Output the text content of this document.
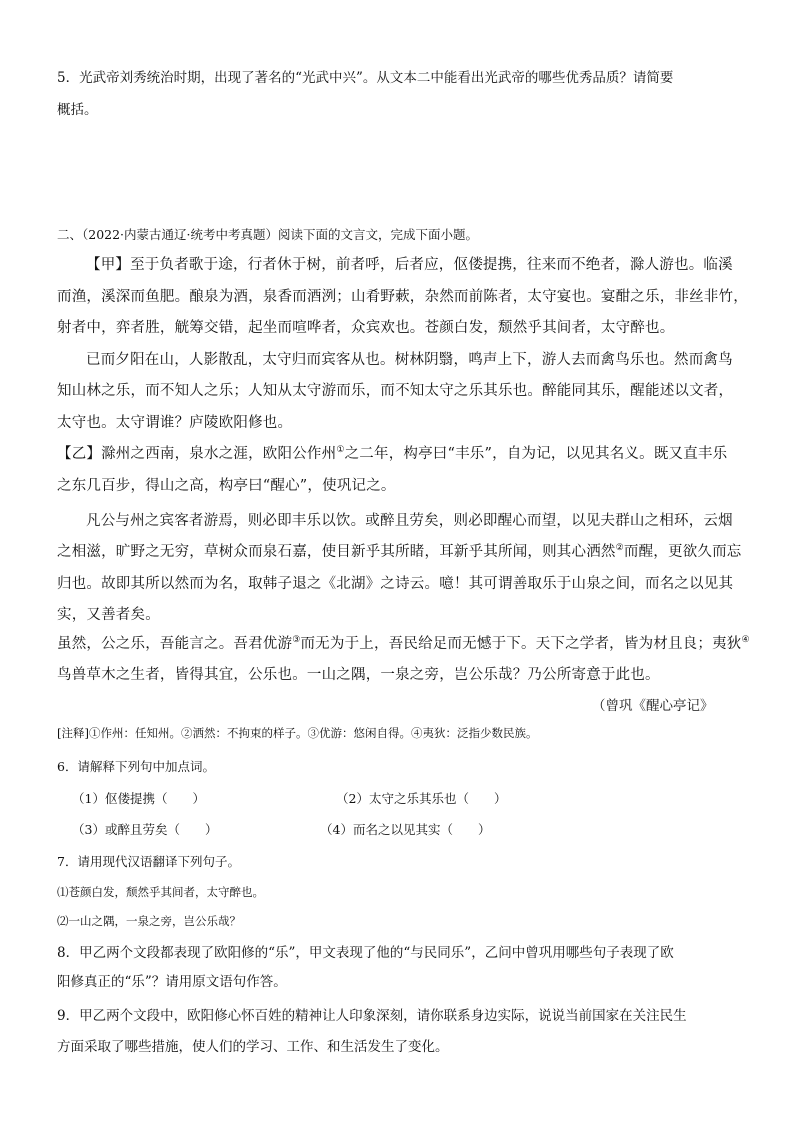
5．光武帝刘秀统治时期，出现了著名的“光武中兴”。从文本二中能看出光武帝的哪些优秀品质？请简要
概括。
二、（2022·内蒙古通辽·统考中考真题）阅读下面的文言文，完成下面小题。
【甲】至于负者歌于途，行者休于树，前者呼，后者应，伛偻提携，往来而不绝者，滁人游也。临溪
而渔，溪深而鱼肥。酿泉为酒，泉香而酒洌；山肴野蔌，杂然而前陈者，太守宴也。宴酣之乐，非丝非竹，
射者中，弈者胜，觥筹交错，起坐而喧哗者，众宾欢也。苍颜白发，颓然乎其间者，太守醉也。
已而夕阳在山，人影散乱，太守归而宾客从也。树林阴翳，鸣声上下，游人去而禽鸟乐也。然而禽鸟
知山林之乐，而不知人之乐；人知从太守游而乐，而不知太守之乐其乐也。醉能同其乐，醒能述以文者，
太守也。太守谓谁？庐陵欧阳修也。
【乙】滁州之西南，泉水之涯，欧阳公作州①之二年，构亭曰“丰乐”，自为记，以见其名义。既又直丰乐
之东几百步，得山之高，构亭曰“醒心”，使巩记之。
凡公与州之宾客者游焉，则必即丰乐以饮。或醉且劳矣，则必即醒心而望，以见夫群山之相环，云烟
之相滋，旷野之无穷，草树众而泉石嘉，使目新乎其所睹，耳新乎其所闻，则其心洒然②而醒，更欲久而忘
归也。故即其所以然而为名，取韩子退之《北湖》之诗云。噫！其可谓善取乐于山泉之间，而名之以见其
实，又善者矣。
虽然，公之乐，吾能言之。吾君优游③而无为于上，吾民给足而无憾于下。天下之学者，皆为材且良；夷狄④
鸟兽草木之生者，皆得其宜，公乐也。一山之隅，一泉之旁，岂公乐哉？乃公所寄意于此也。
（曾巩《醒心亭记》
[注释]①作州：任知州。②洒然：不拘束的样子。③优游：悠闲自得。④夷狄：泛指少数民族。
6．请解释下列句中加点词。
（1）伛偻提携（　　）	（2）太守之乐其乐也（　　）
（3）或醉且劳矣（　　）	（4）而名之以见其实（　　）
7．请用现代汉语翻译下列句子。
⑴苍颜白发，颓然乎其间者，太守醉也。
⑵一山之隅，一泉之旁，岂公乐哉？
8．甲乙两个文段都表现了欧阳修的“乐”，甲文表现了他的“与民同乐”，乙问中曾巩用哪些句子表现了欧
阳修真正的“乐”？请用原文语句作答。
9．甲乙两个文段中，欧阳修心怀百姓的精神让人印象深刻，请你联系身边实际，说说当前国家在关注民生
方面采取了哪些措施，使人们的学习、工作、和生活发生了变化。
